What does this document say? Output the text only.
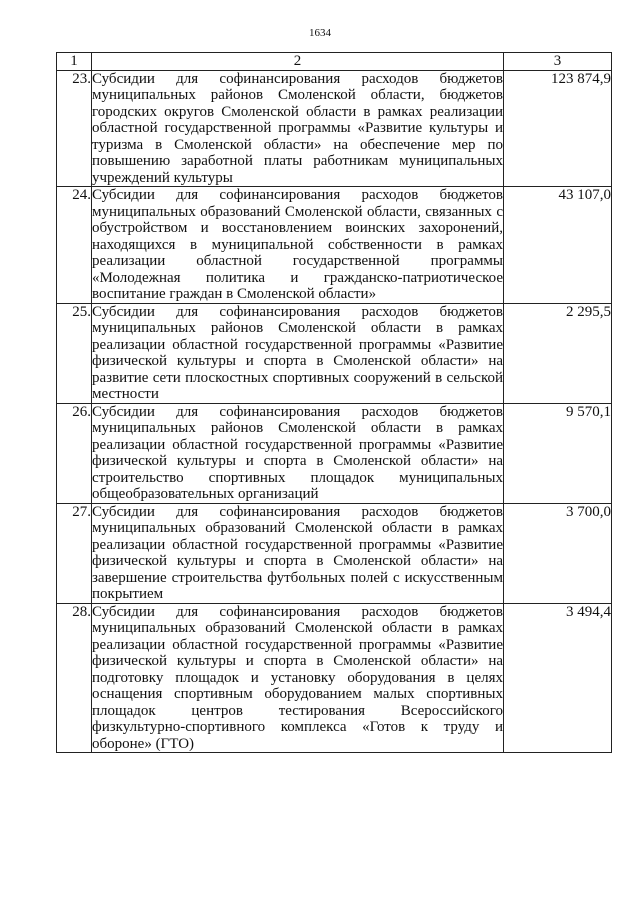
1634
1	2	3
23.	Субсидии для софинансирования расходов бюджетов муниципальных районов Смоленской области, бюджетов городских округов Смоленской области в рамках реализации областной государственной программы «Развитие культуры и туризма в Смоленской области» на обеспечение мер по повышению заработной платы работникам муниципальных учреждений культуры	123 874,9
24.	Субсидии для софинансирования расходов бюджетов муниципальных образований Смоленской области, связанных с обустройством и восстановлением воинских захоронений, находящихся в муниципальной собственности в рамках реализации областной государственной программы «Молодежная политика и гражданско-патриотическое воспитание граждан в Смоленской области»	43 107,0
25.	Субсидии для софинансирования расходов бюджетов муниципальных районов Смоленской области в рамках реализации областной государственной программы «Развитие физической культуры и спорта в Смоленской области» на развитие сети плоскостных спортивных сооружений в сельской местности	2 295,5
26.	Субсидии для софинансирования расходов бюджетов муниципальных районов Смоленской области в рамках реализации областной государственной программы «Развитие физической культуры и спорта в Смоленской области» на строительство спортивных площадок муниципальных общеобразовательных организаций	9 570,1
27.	Субсидии для софинансирования расходов бюджетов муниципальных образований Смоленской области в рамках реализации областной государственной программы «Развитие физической культуры и спорта в Смоленской области» на завершение строительства футбольных полей с искусственным покрытием	3 700,0
28.	Субсидии для софинансирования расходов бюджетов муниципальных образований Смоленской области в рамках реализации областной государственной программы «Развитие физической культуры и спорта в Смоленской области» на подготовку площадок и установку оборудования в целях оснащения спортивным оборудованием малых спортивных площадок центров тестирования Всероссийского физкультурно-спортивного комплекса «Готов к труду и обороне» (ГТО)	3 494,4
